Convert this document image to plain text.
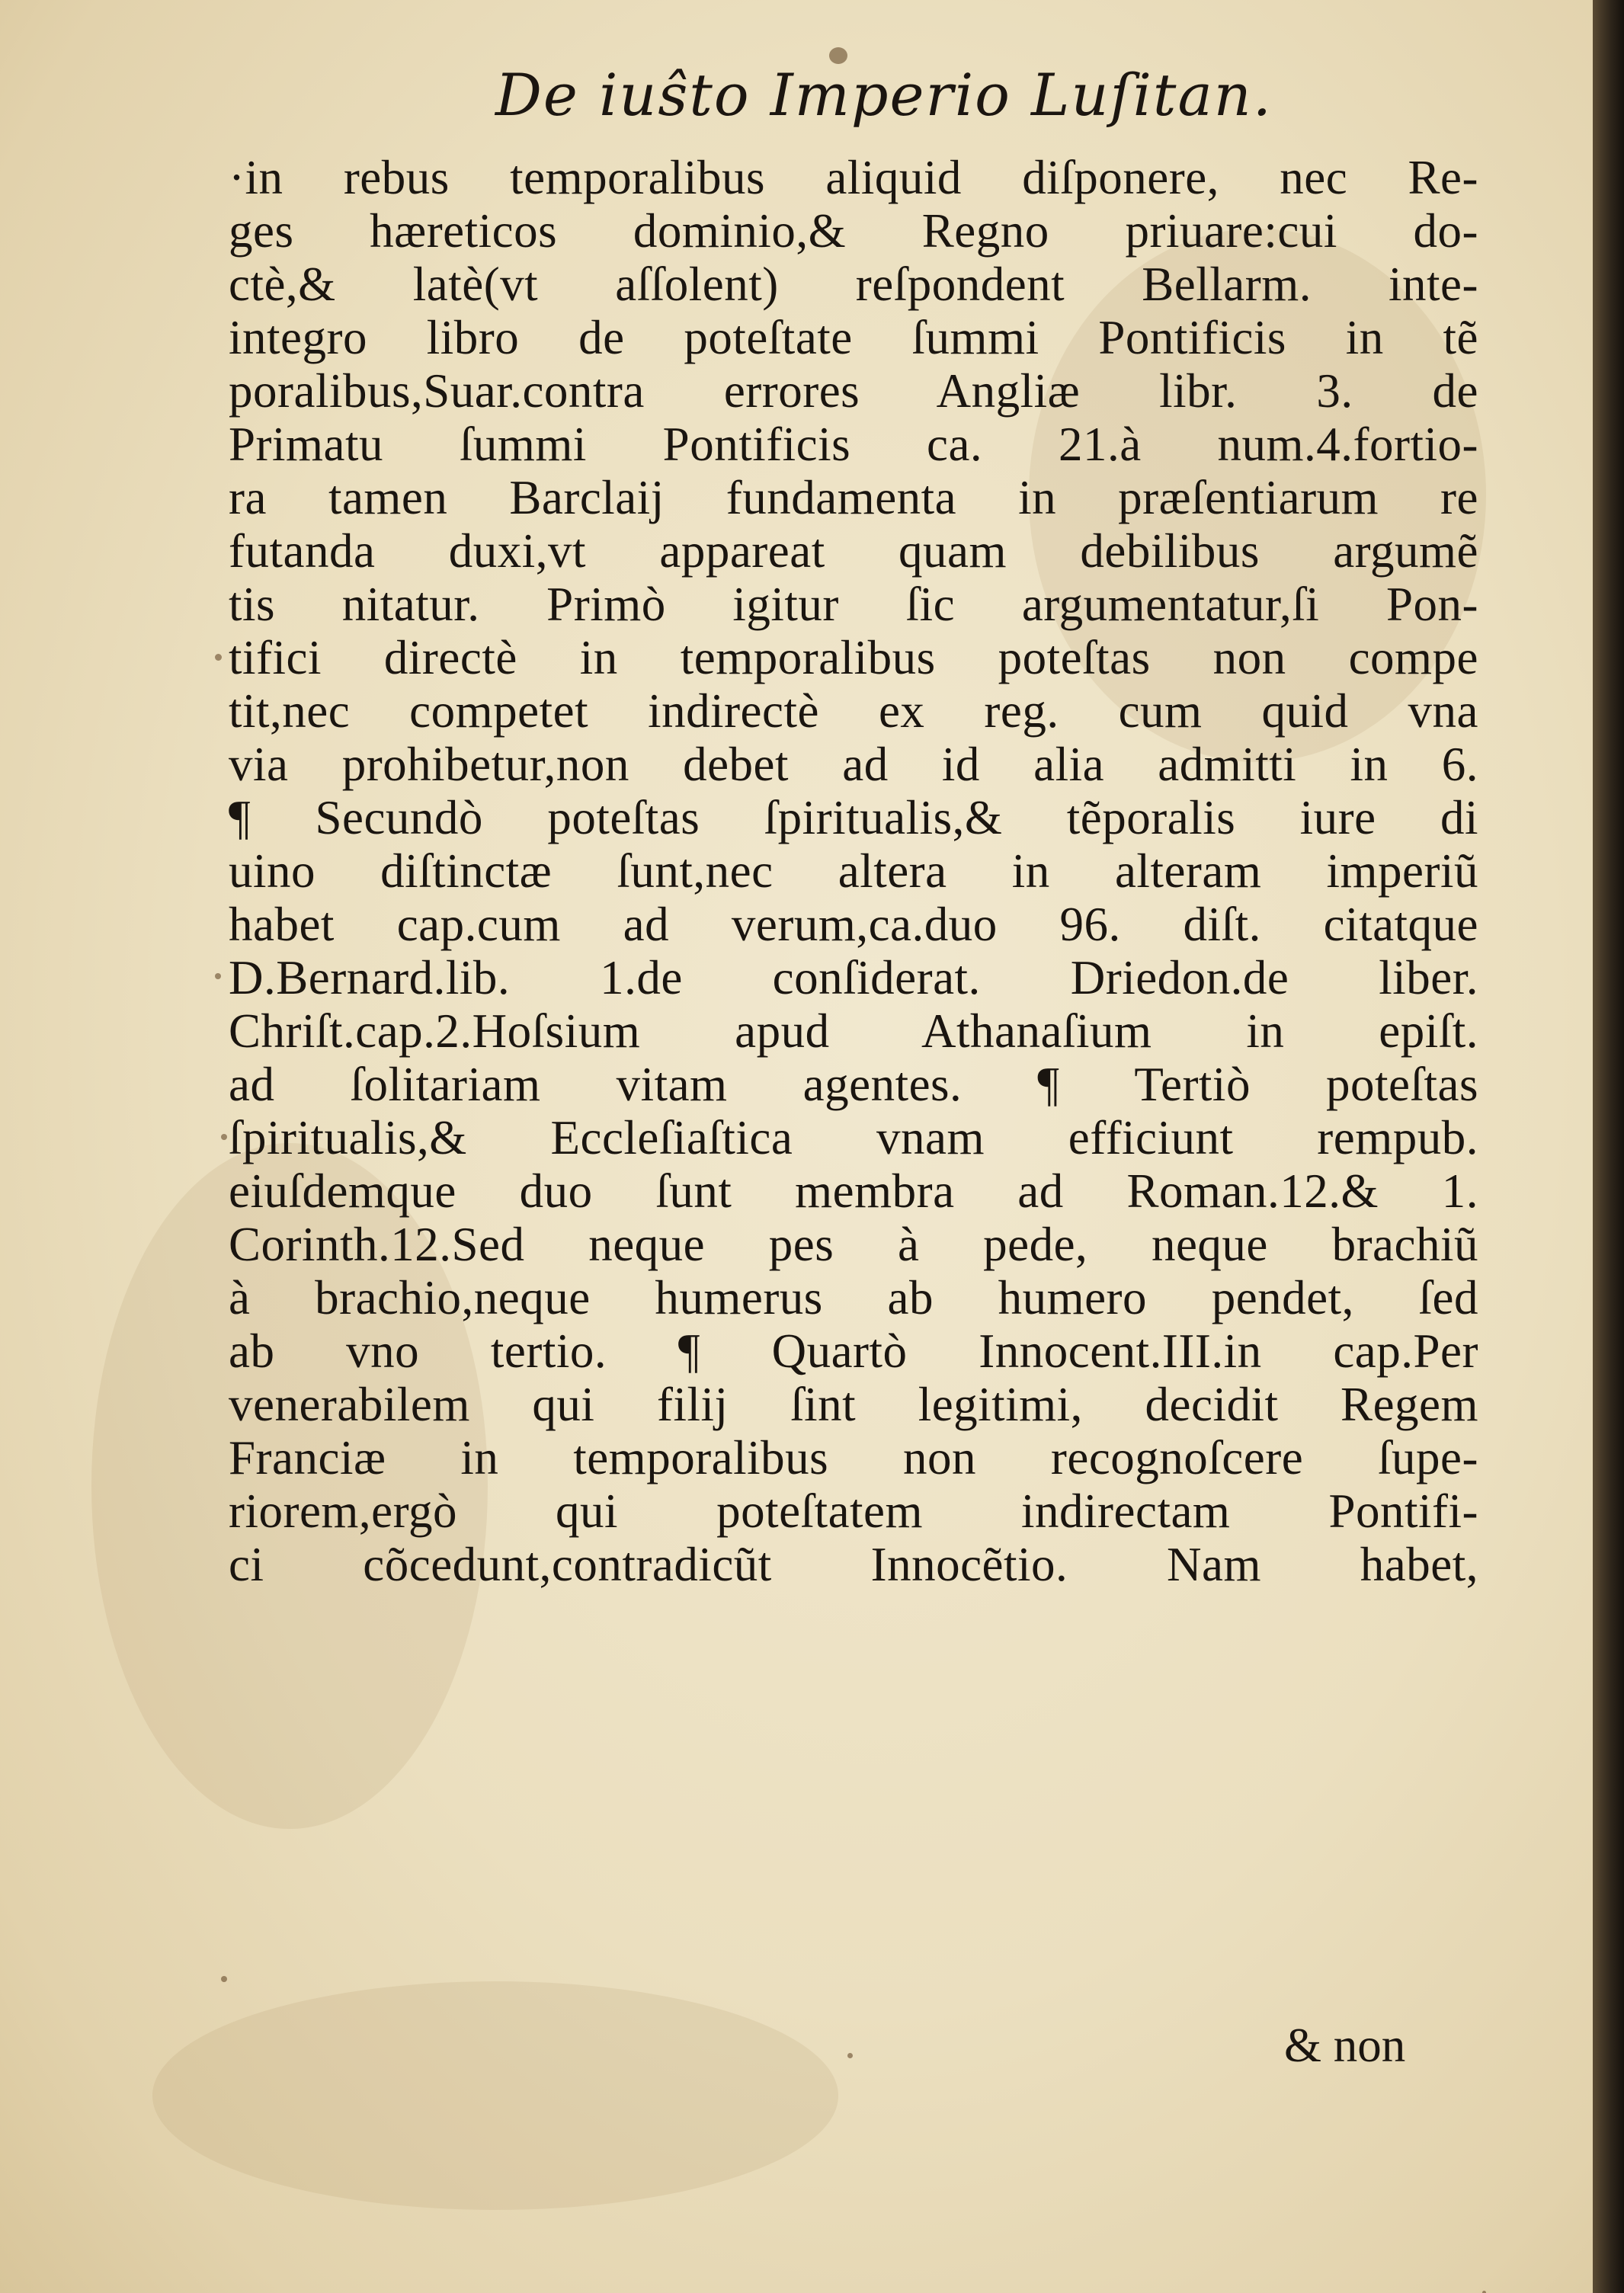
De iuŝto Imperio Luſitan.
·in rebus temporalibus aliquid diſponere, nec Re-
ges hæreticos dominio,& Regno priuare:cui do-
ctè,& latè(vt aſſolent) reſpondent Bellarm. inte-
integro libro de poteſtate ſummi Pontificis in tẽ
poralibus,Suar.contra errores Angliæ libr. 3. de
Primatu ſummi Pontificis ca. 21.à num.4.fortio-
ra tamen Barclaij fundamenta in præſentiarum re
futanda duxi,vt appareat quam debilibus argumẽ
tis nitatur. Primò igitur ſic argumentatur,ſi Pon-
tifici directè in temporalibus poteſtas non compe
tit,nec competet indirectè ex reg. cum quid vna
via prohibetur,non debet ad id alia admitti in 6.
¶ Secundò poteſtas ſpiritualis,& tẽporalis iure di
uino diſtinctæ ſunt,nec altera in alteram imperiũ
habet cap.cum ad verum,ca.duo 96. diſt. citatque
D.Bernard.lib. 1.de conſiderat. Driedon.de liber.
Chriſt.cap.2.Hoſsium apud Athanaſium in epiſt.
ad ſolitariam vitam agentes. ¶ Tertiò poteſtas
ſpiritualis,& Eccleſiaſtica vnam efficiunt rempub.
eiuſdemque duo ſunt membra ad Roman.12.& 1.
Corinth.12.Sed neque pes à pede, neque brachiũ
à brachio,neque humerus ab humero pendet, ſed
ab vno tertio. ¶ Quartò Innocent.III.in cap.Per
venerabilem qui filij ſint legitimi, decidit Regem
Franciæ in temporalibus non recognoſcere ſupe-
riorem,ergò qui poteſtatem indirectam Pontifi-
ci cõcedunt,contradicũt Innocẽtio. Nam habet,
& non
